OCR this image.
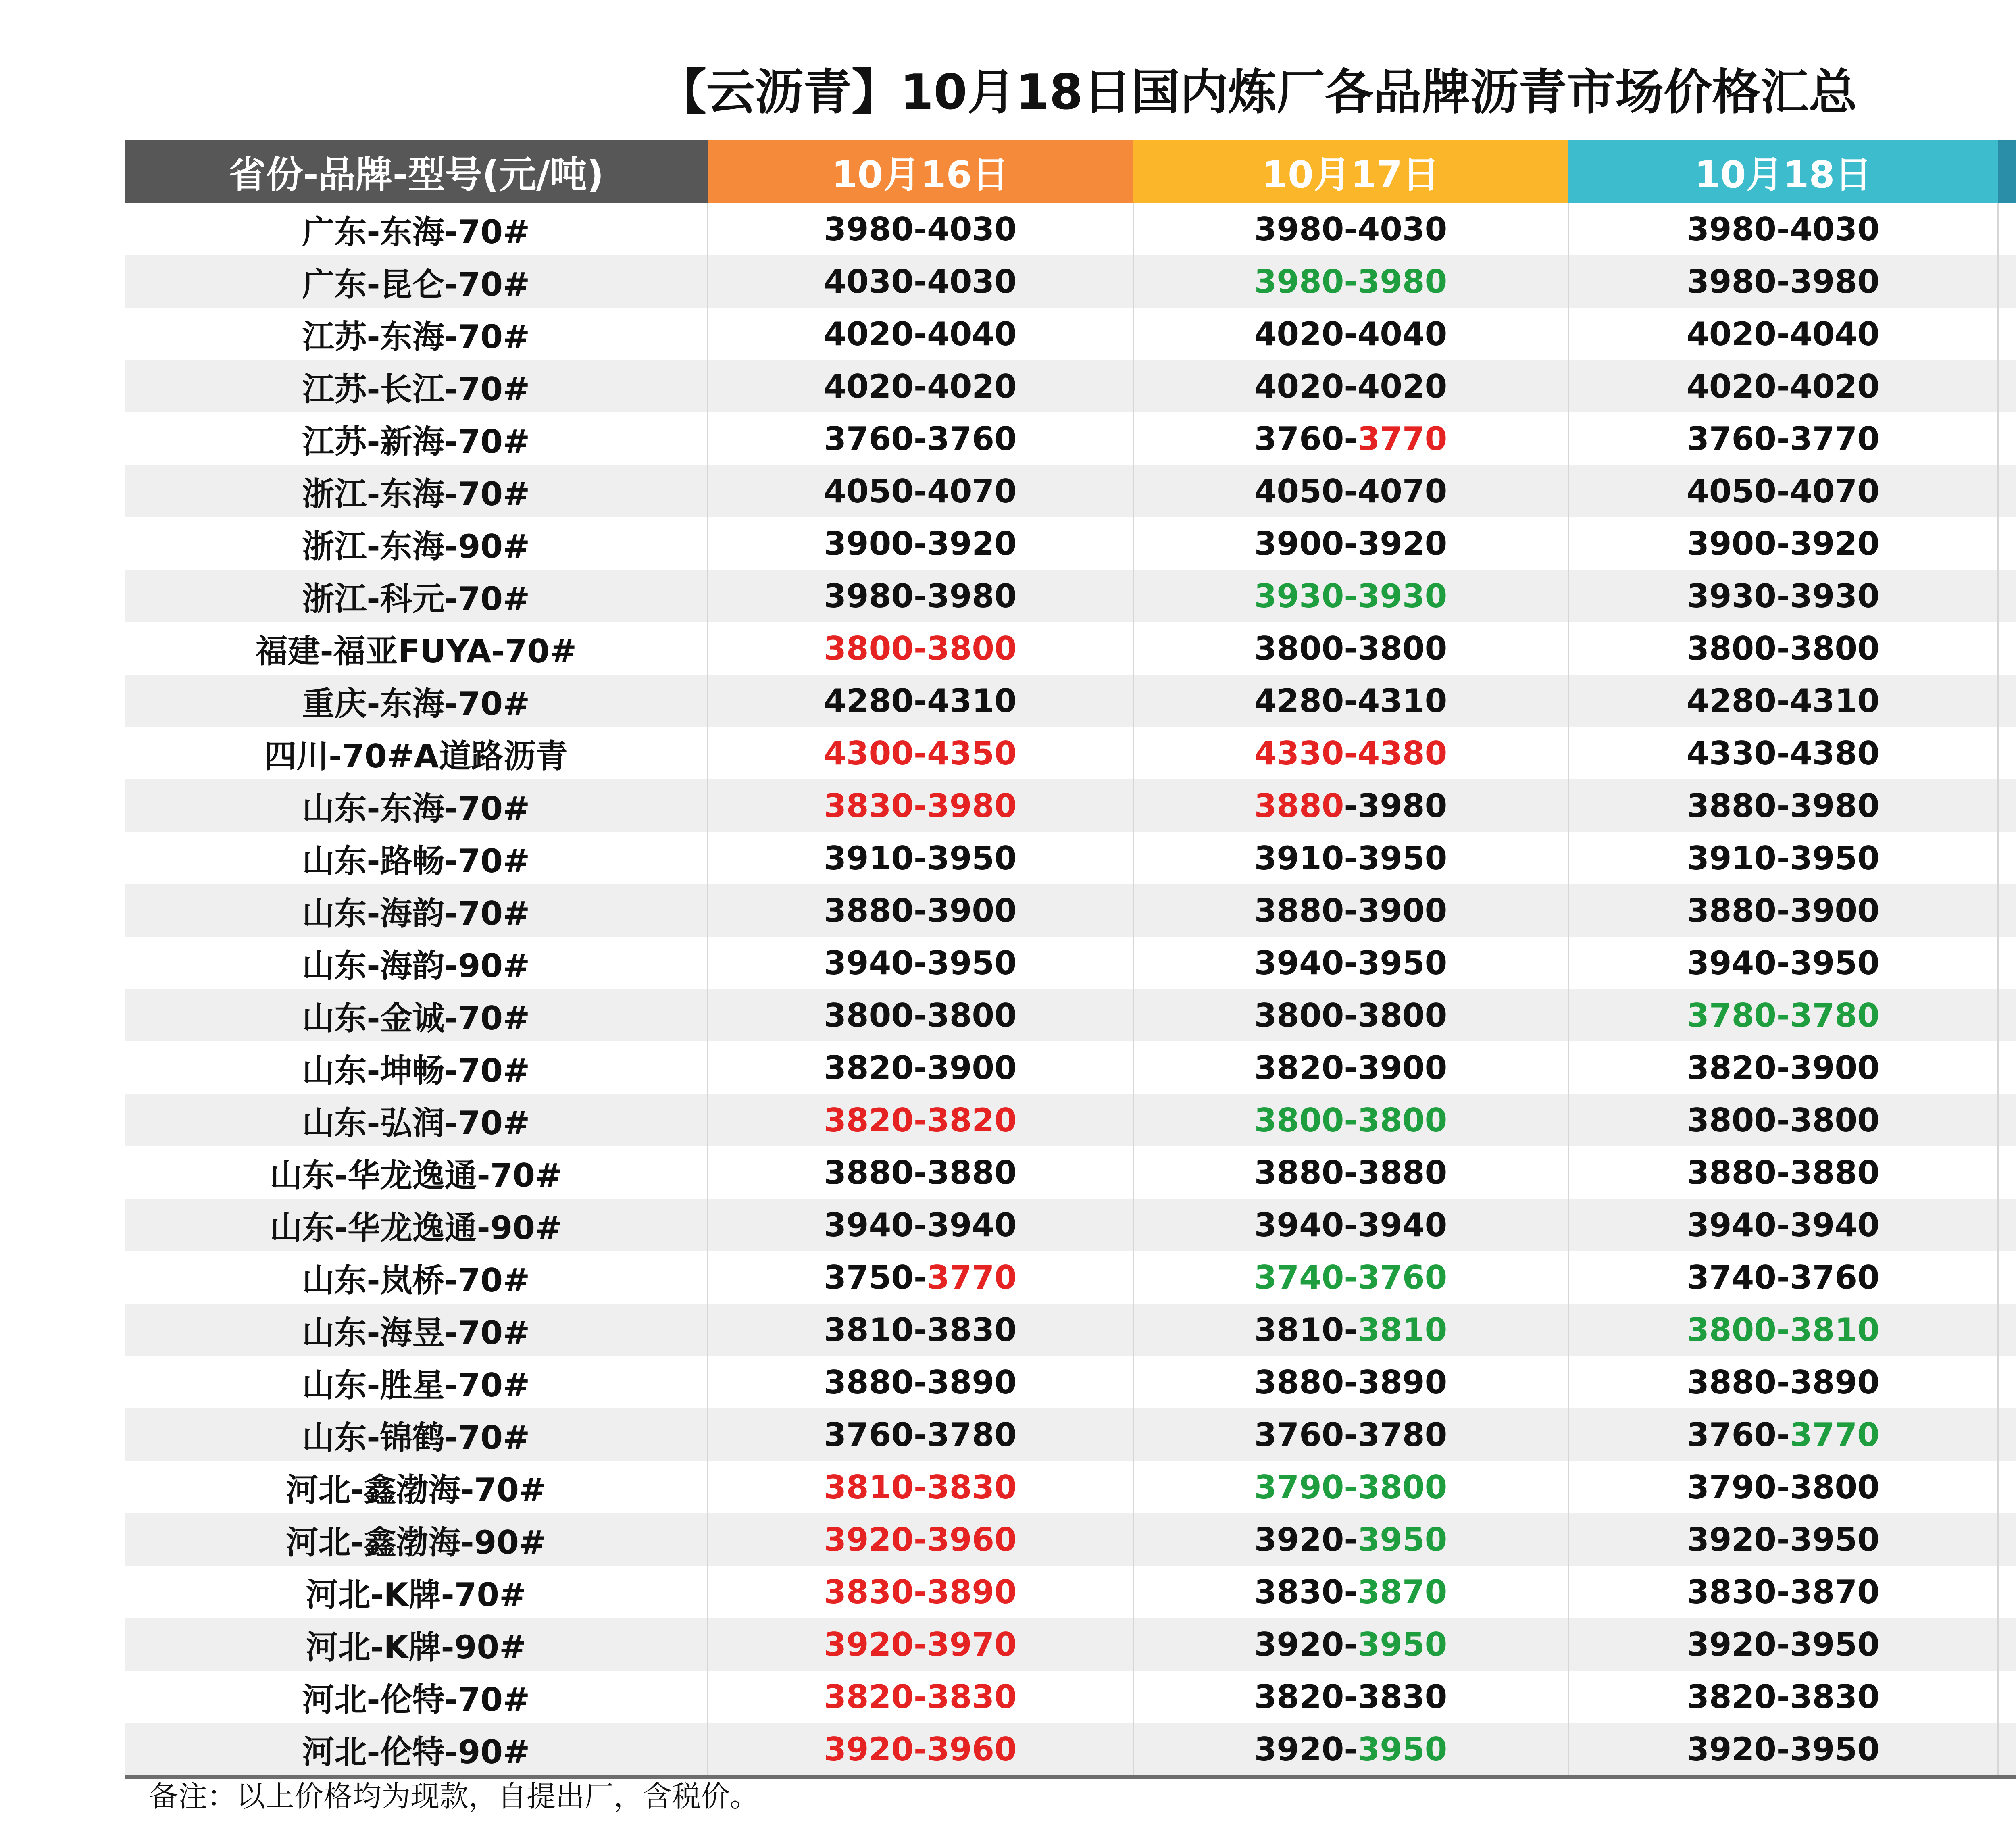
【云沥青】10月18日国内炼厂各品牌沥青市场价格汇总
省份-品牌-型号(元/吨)	10月16日	10月17日	10月18日	
广东-东海-70#	3980-4030	3980-4030	3980-4030	
广东-昆仑-70#	4030-4030	3980-3980	3980-3980	
江苏-东海-70#	4020-4040	4020-4040	4020-4040	
江苏-长江-70#	4020-4020	4020-4020	4020-4020	
江苏-新海-70#	3760-3760	3760-3770	3760-3770	
浙江-东海-70#	4050-4070	4050-4070	4050-4070	
浙江-东海-90#	3900-3920	3900-3920	3900-3920	
浙江-科元-70#	3980-3980	3930-3930	3930-3930	
福建-福亚FUYA-70#	3800-3800	3800-3800	3800-3800	
重庆-东海-70#	4280-4310	4280-4310	4280-4310	
四川-70#A道路沥青	4300-4350	4330-4380	4330-4380	
山东-东海-70#	3830-3980	3880-3980	3880-3980	
山东-路畅-70#	3910-3950	3910-3950	3910-3950	
山东-海韵-70#	3880-3900	3880-3900	3880-3900	
山东-海韵-90#	3940-3950	3940-3950	3940-3950	
山东-金诚-70#	3800-3800	3800-3800	3780-3780	
山东-坤畅-70#	3820-3900	3820-3900	3820-3900	
山东-弘润-70#	3820-3820	3800-3800	3800-3800	
山东-华龙逸通-70#	3880-3880	3880-3880	3880-3880	
山东-华龙逸通-90#	3940-3940	3940-3940	3940-3940	
山东-岚桥-70#	3750-3770	3740-3760	3740-3760	
山东-海昱-70#	3810-3830	3810-3810	3800-3810	
山东-胜星-70#	3880-3890	3880-3890	3880-3890	
山东-锦鹤-70#	3760-3780	3760-3780	3760-3770	
河北-鑫渤海-70#	3810-3830	3790-3800	3790-3800	
河北-鑫渤海-90#	3920-3960	3920-3950	3920-3950	
河北-K牌-70#	3830-3890	3830-3870	3830-3870	
河北-K牌-90#	3920-3970	3920-3950	3920-3950	
河北-伦特-70#	3820-3830	3820-3830	3820-3830	
河北-伦特-90#	3920-3960	3920-3950	3920-3950	
备注：以上价格均为现款，自提出厂，含税价。
